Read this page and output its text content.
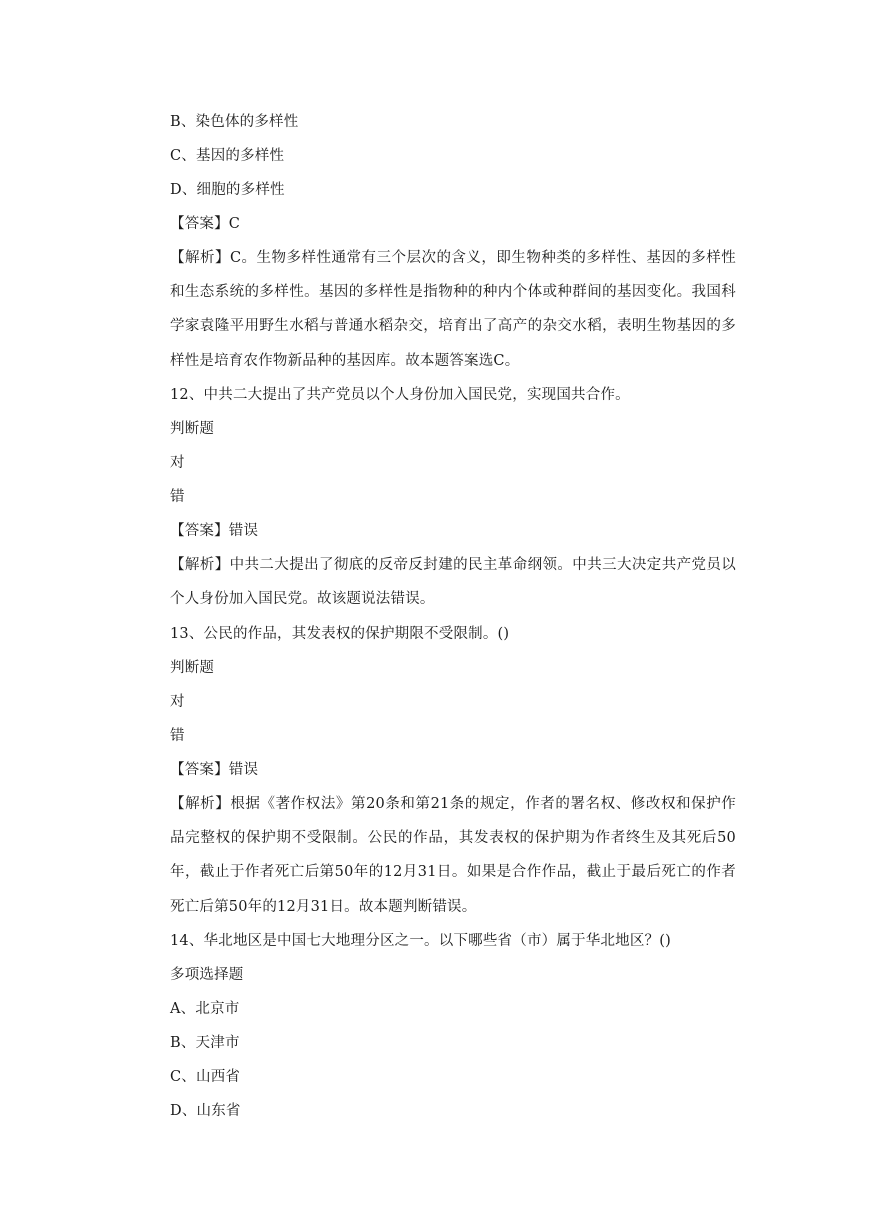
B、染色体的多样性
C、基因的多样性
D、细胞的多样性
【答案】C
【解析】C。生物多样性通常有三个层次的含义，即生物种类的多样性、基因的多样性和生态系统的多样性。基因的多样性是指物种的种内个体或种群间的基因变化。我国科学家袁隆平用野生水稻与普通水稻杂交，培育出了高产的杂交水稻，表明生物基因的多样性是培育农作物新品种的基因库。故本题答案选C。
12、中共二大提出了共产党员以个人身份加入国民党，实现国共合作。
判断题
对
错
【答案】错误
【解析】中共二大提出了彻底的反帝反封建的民主革命纲领。中共三大决定共产党员以个人身份加入国民党。故该题说法错误。
13、公民的作品，其发表权的保护期限不受限制。()
判断题
对
错
【答案】错误
【解析】根据《著作权法》第20条和第21条的规定，作者的署名权、修改权和保护作品完整权的保护期不受限制。公民的作品，其发表权的保护期为作者终生及其死后50年，截止于作者死亡后第50年的12月31日。如果是合作作品，截止于最后死亡的作者死亡后第50年的12月31日。故本题判断错误。
14、华北地区是中国七大地理分区之一。以下哪些省（市）属于华北地区？()
多项选择题
A、北京市
B、天津市
C、山西省
D、山东省
